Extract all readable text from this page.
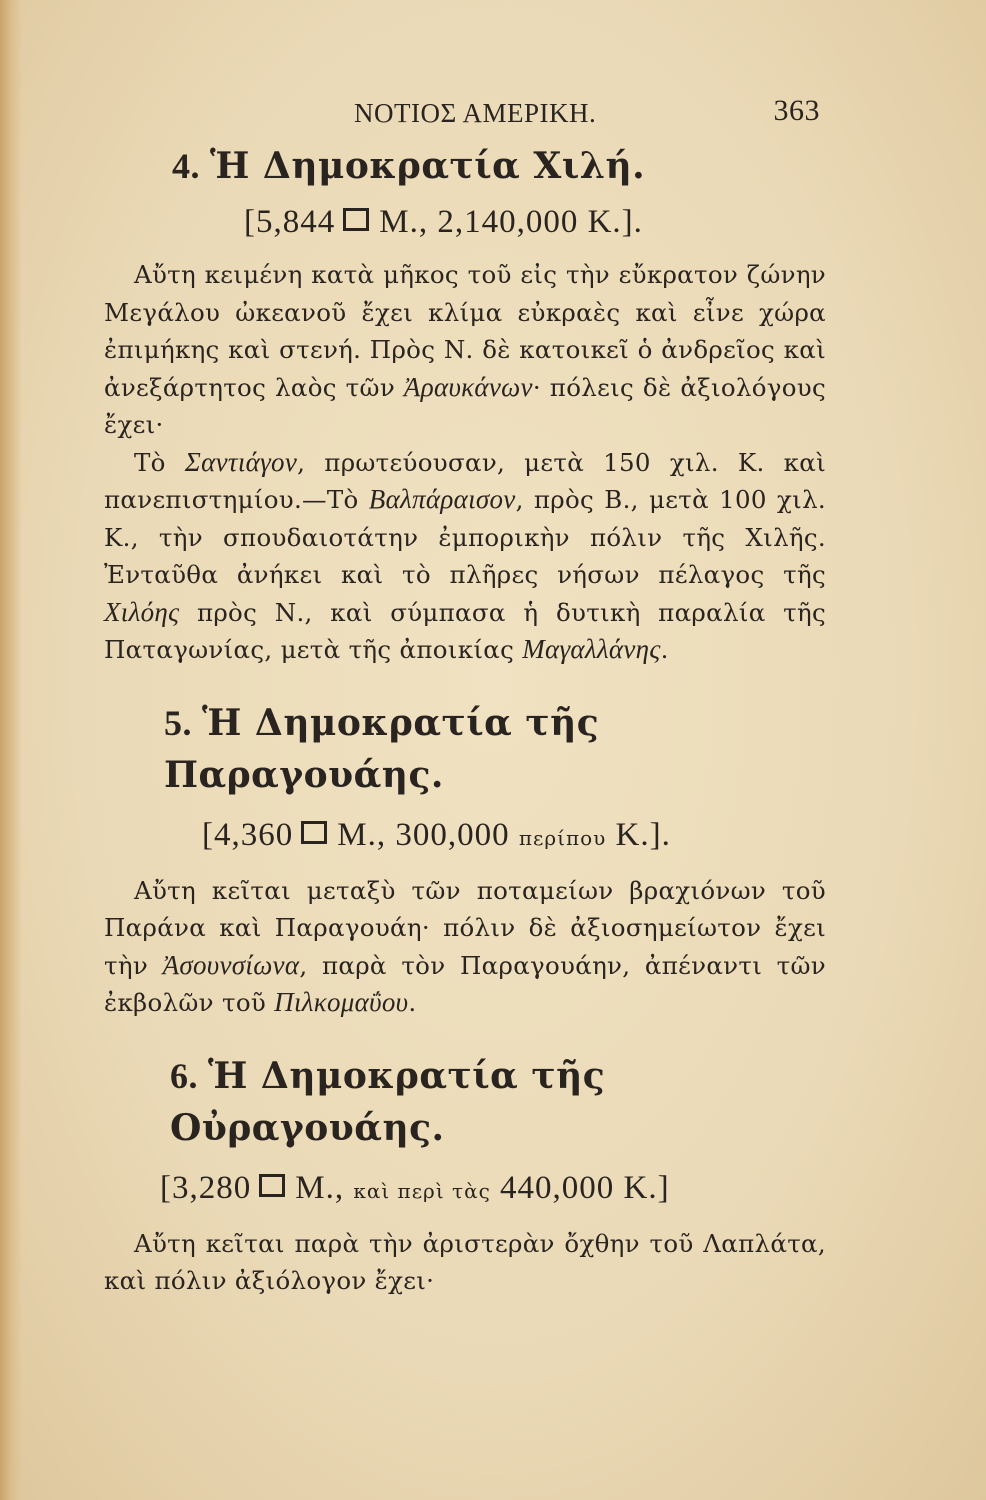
ΝΟΤΙΟΣ ΑΜΕΡΙΚΗ.	363
4. Ἡ Δημοκρατία Χιλή.
[5,844 Μ., 2,140,000 Κ.].

Αὔτη κειμένη κατὰ μῆκος τοῦ εἰς τὴν εὔκρατον ζώνην Μεγάλου ὠκεανοῦ ἔχει κλίμα εὐκραὲς καὶ εἶνε χώρα ἐπιμήκης καὶ στενή. Πρὸς Ν. δὲ κατοικεῖ ὁ ἀνδρεῖος καὶ ἀνεξάρτητος λαὸς τῶν Ἀραυκάνων· πόλεις δὲ ἀξιολόγους ἔχει·

Τὸ Σαντιάγον, πρωτεύουσαν, μετὰ 150 χιλ. Κ. καὶ πανεπιστημίου.—Τὸ Βαλπάραισον, πρὸς Β., μετὰ 100 χιλ. Κ., τὴν σπουδαιοτάτην ἐμπορικὴν πόλιν τῆς Χιλῆς. Ἐνταῦθα ἀνήκει καὶ τὸ πλῆρες νήσων πέλαγος τῆς Χιλόης πρὸς Ν., καὶ σύμπασα ἡ δυτικὴ παραλία τῆς Παταγωνίας, μετὰ τῆς ἀποικίας Μαγαλλάνης.

5. Ἡ Δημοκρατία τῆς Παραγουάης.
[4,360 Μ., 300,000 περίπου Κ.].

Αὔτη κεῖται μεταξὺ τῶν ποταμείων βραχιόνων τοῦ Παράνα καὶ Παραγουάη· πόλιν δὲ ἀξιοσημείωτον ἔχει τὴν Ἀσουνσίωνα, παρὰ τὸν Παραγουάην, ἀπέναντι τῶν ἐκβολῶν τοῦ Πιλκομαΰου.

6. Ἡ Δημοκρατία τῆς Οὐραγουάης.
[3,280 Μ., καὶ περὶ τὰς 440,000 Κ.]

Αὔτη κεῖται παρὰ τὴν ἀριστερὰν ὄχθην τοῦ Λαπλάτα, καὶ πόλιν ἀξιόλογον ἔχει·
